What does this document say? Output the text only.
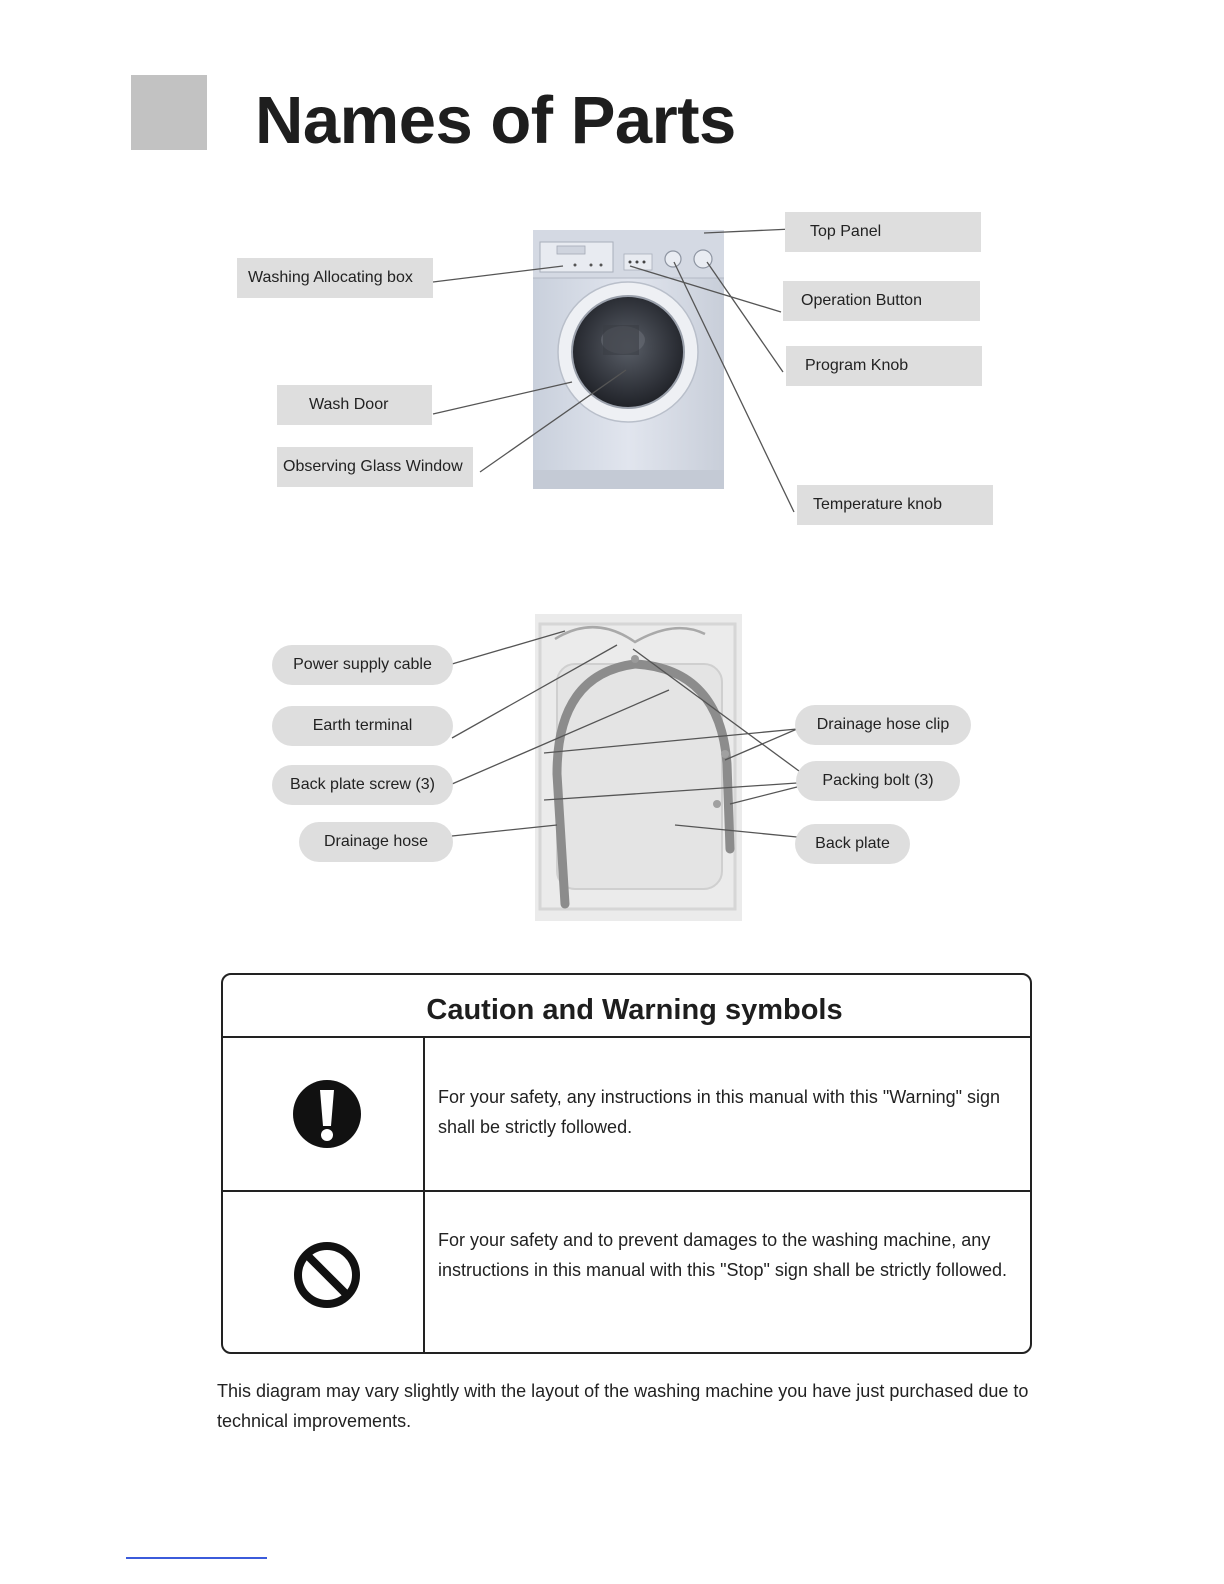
Names of Parts
Top Panel
Washing Allocating box
Operation Button
Program Knob
Wash Door
Observing Glass Window
Temperature knob
Power supply cable
Earth terminal
Back plate screw (3)
Drainage hose
Drainage hose clip
Packing bolt (3)
Back plate
Caution and Warning symbols
For your safety, any instructions in this manual with this "Warning" sign shall be strictly followed.
For your safety and to prevent damages to the washing machine, any instructions in this manual with this "Stop" sign shall be strictly followed.

This diagram may vary slightly with the layout of the washing machine you have just purchased due to technical improvements.
